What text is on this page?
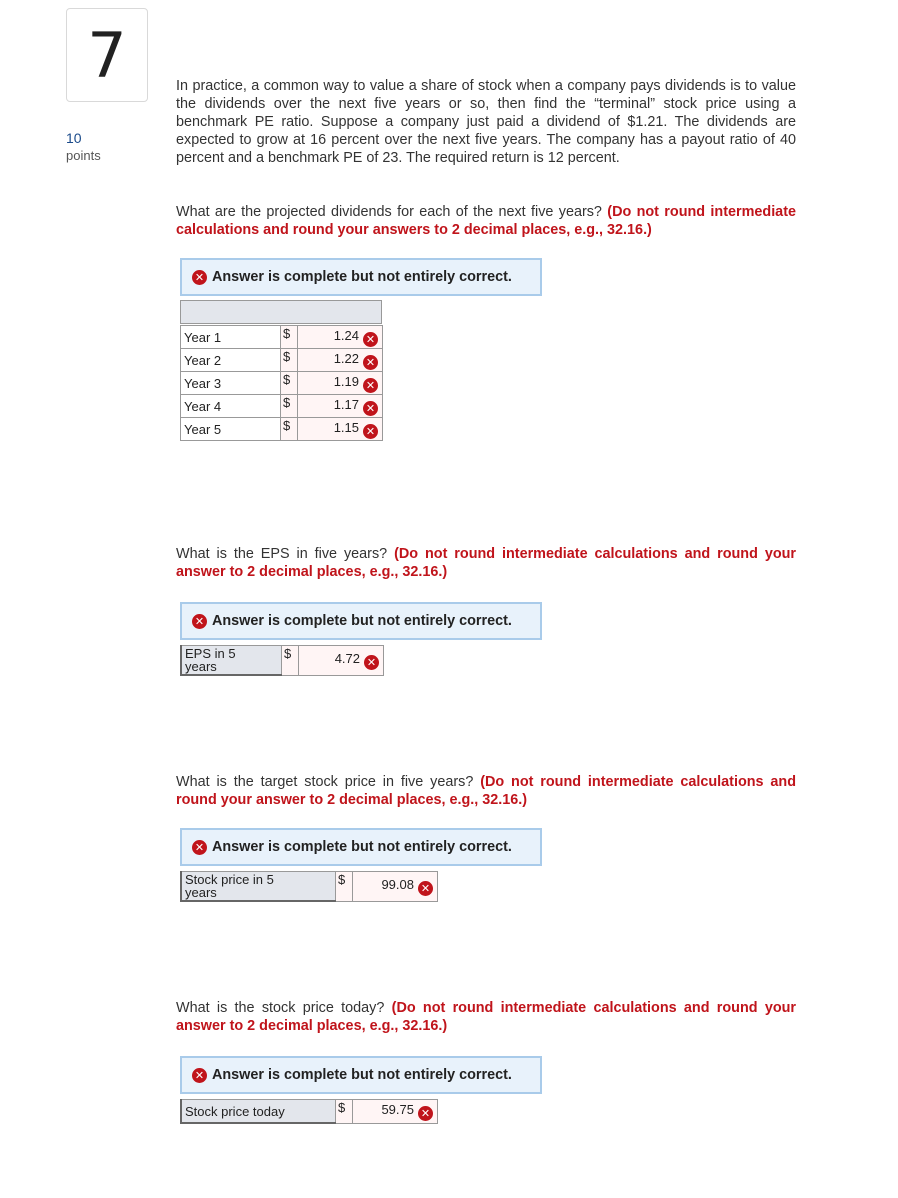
7
10
points
In practice, a common way to value a share of stock when a company pays dividends is to value the dividends over the next five years or so, then find the “terminal” stock price using a benchmark PE ratio. Suppose a company just paid a dividend of $1.21. The dividends are expected to grow at 16 percent over the next five years. The company has a payout ratio of 40 percent and a benchmark PE of 23. The required return is 12 percent.
What are the projected dividends for each of the next five years? (Do not round intermediate calculations and round your answers to 2 decimal places, e.g., 32.16.)
✕ Answer is complete but not entirely correct.
Year 1	$	1.24 ✕
Year 2	$	1.22 ✕
Year 3	$	1.19 ✕
Year 4	$	1.17 ✕
Year 5	$	1.15 ✕
What is the EPS in five years? (Do not round intermediate calculations and round your answer to 2 decimal places, e.g., 32.16.)
✕ Answer is complete but not entirely correct.
EPS in 5
years
	$	4.72 ✕
What is the target stock price in five years? (Do not round intermediate calculations and round your answer to 2 decimal places, e.g., 32.16.)
✕ Answer is complete but not entirely correct.
Stock price in 5
years
	$	99.08 ✕
What is the stock price today? (Do not round intermediate calculations and round your answer to 2 decimal places, e.g., 32.16.)
✕ Answer is complete but not entirely correct.
Stock price today	$	59.75 ✕
